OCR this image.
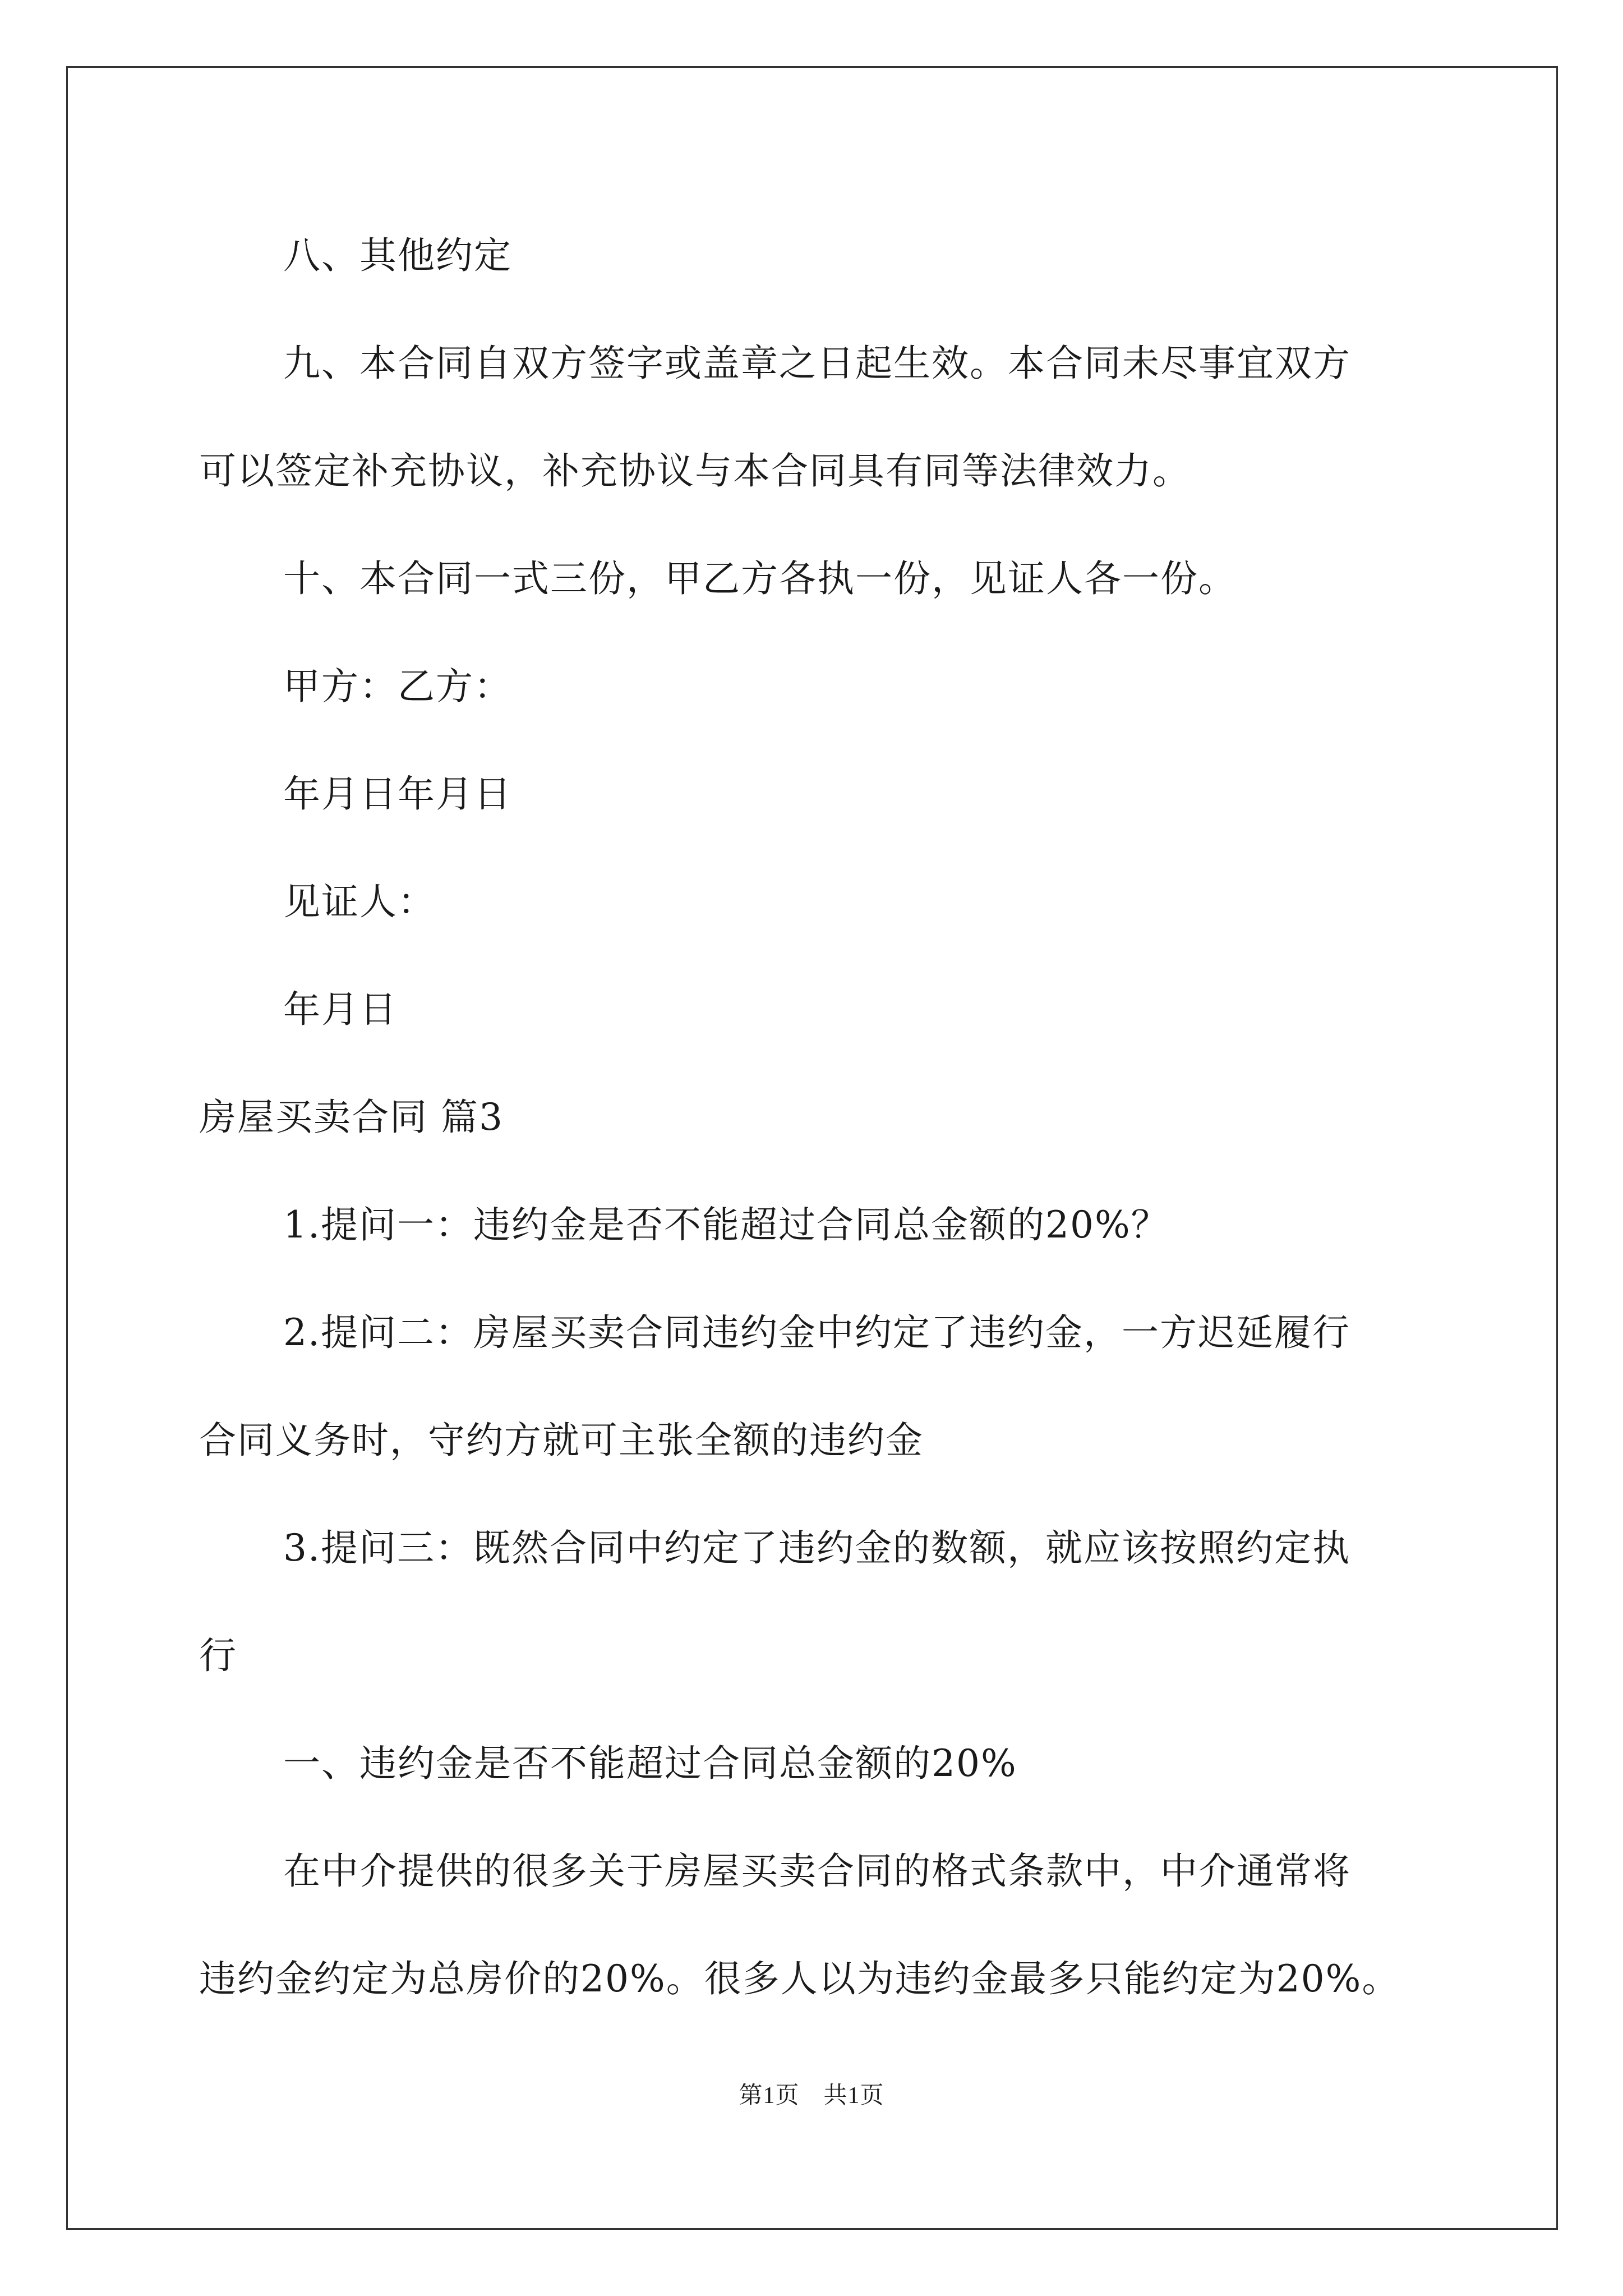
八、其他约定

九、本合同自双方签字或盖章之日起生效。本合同未尽事宜双方

可以签定补充协议，补充协议与本合同具有同等法律效力。

十、本合同一式三份，甲乙方各执一份，见证人各一份。

甲方：乙方：

年月日年月日

见证人：

年月日

房屋买卖合同 篇3

1.提问一：违约金是否不能超过合同总金额的20%？

2.提问二：房屋买卖合同违约金中约定了违约金，一方迟延履行

合同义务时，守约方就可主张全额的违约金

3.提问三：既然合同中约定了违约金的数额，就应该按照约定执

行

一、违约金是否不能超过合同总金额的20%

在中介提供的很多关于房屋买卖合同的格式条款中，中介通常将

违约金约定为总房价的20%。很多人以为违约金最多只能约定为20%。

第1页　共1页
